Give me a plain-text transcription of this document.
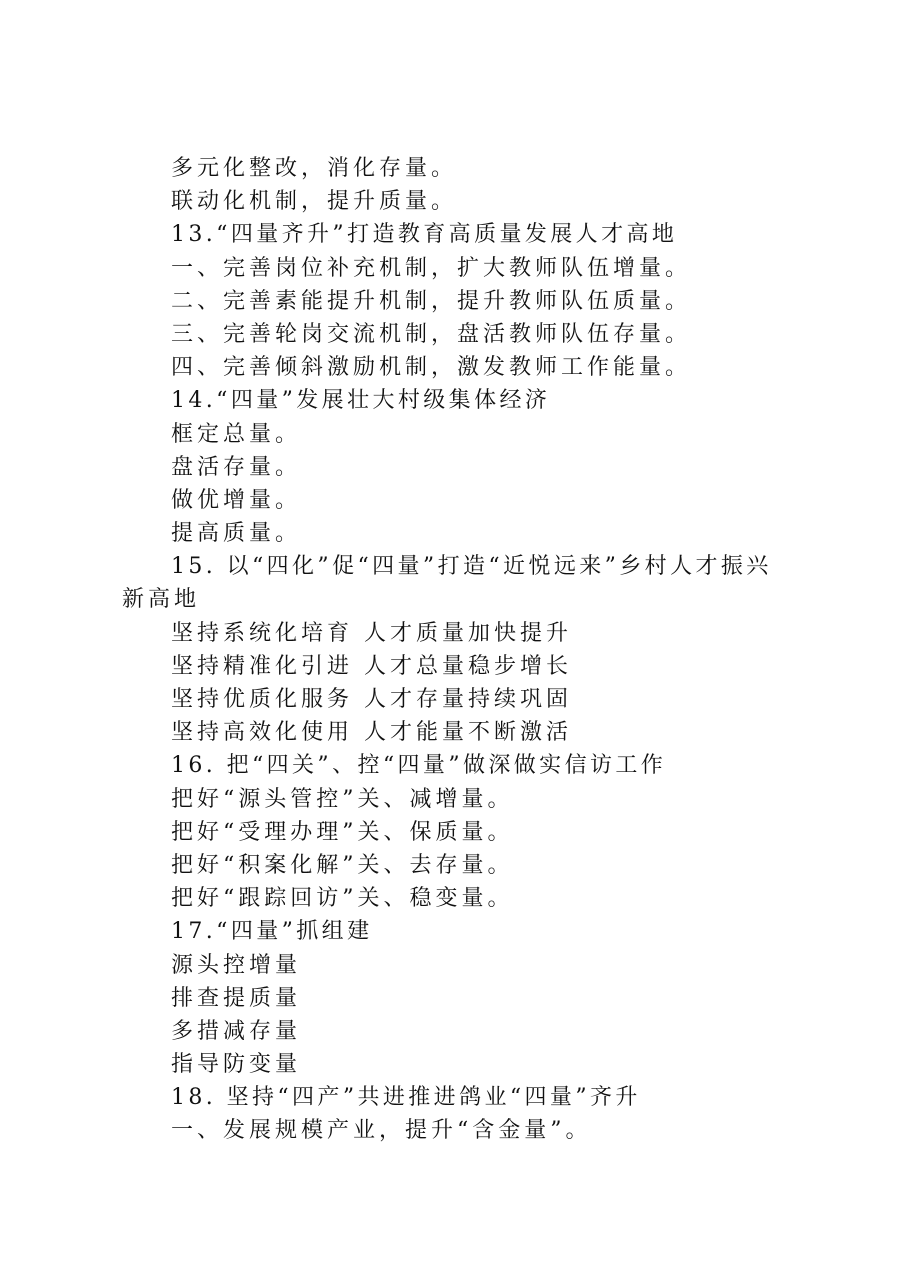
多元化整改，消化存量。
联动化机制，提升质量。
13.“四量齐升”打造教育高质量发展人才高地
一、完善岗位补充机制，扩大教师队伍增量。
二、完善素能提升机制，提升教师队伍质量。
三、完善轮岗交流机制，盘活教师队伍存量。
四、完善倾斜激励机制，激发教师工作能量。
14.“四量”发展壮大村级集体经济
框定总量。
盘活存量。
做优增量。
提高质量。
15. 以“四化”促“四量”打造“近悦远来”乡村人才振兴
新高地
坚持系统化培育 人才质量加快提升
坚持精准化引进 人才总量稳步增长
坚持优质化服务 人才存量持续巩固
坚持高效化使用 人才能量不断激活
16. 把“四关”、控“四量”做深做实信访工作
把好“源头管控”关、减增量。
把好“受理办理”关、保质量。
把好“积案化解”关、去存量。
把好“跟踪回访”关、稳变量。
17.“四量”抓组建
源头控增量
排查提质量
多措减存量
指导防变量
18. 坚持“四产”共进推进鸽业“四量”齐升
一、发展规模产业，提升“含金量”。
